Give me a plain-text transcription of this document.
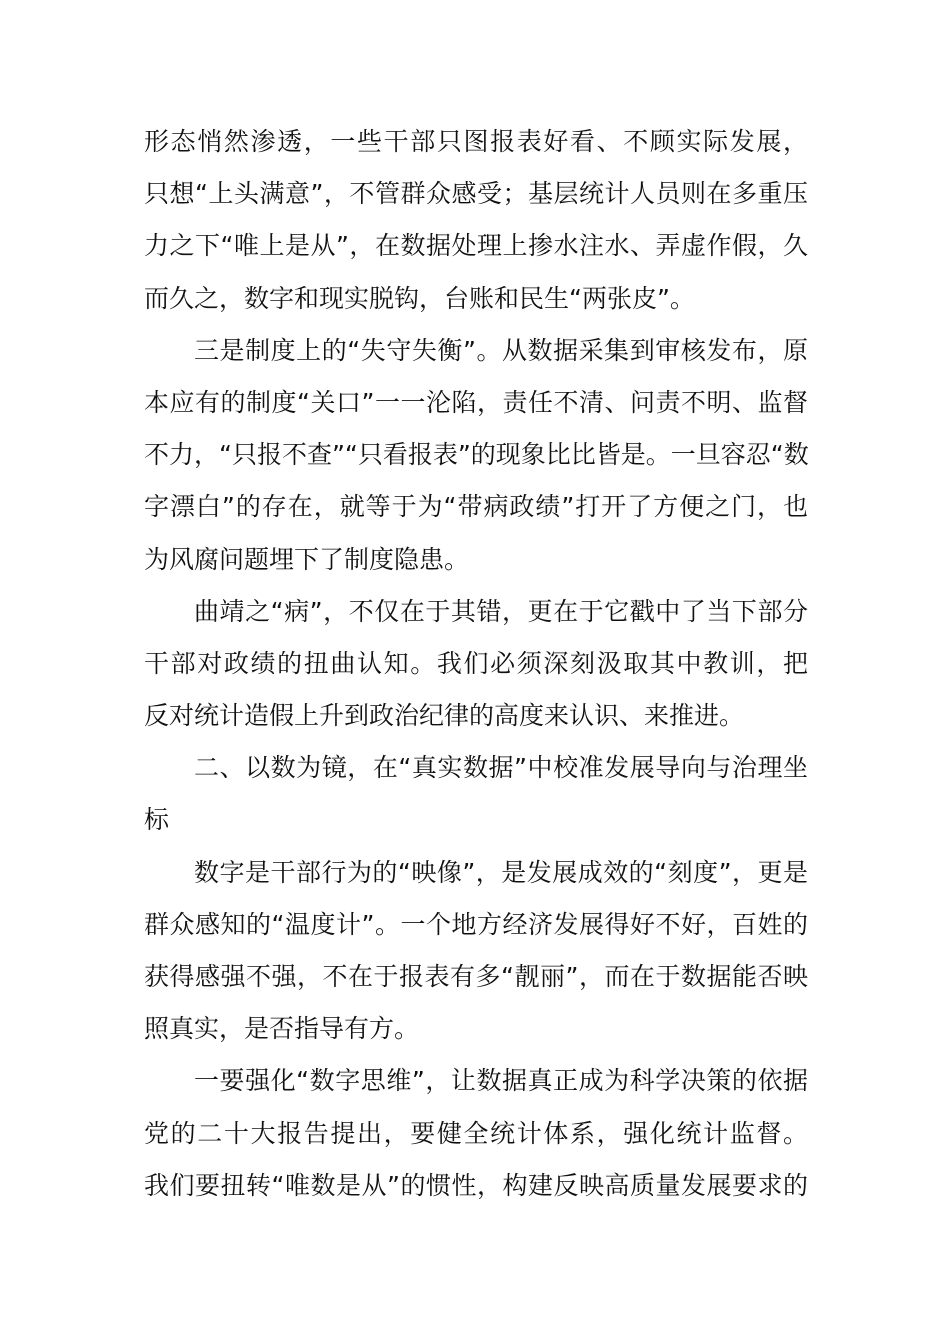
形态悄然渗透，一些干部只图报表好看、不顾实际发展，
只想“上头满意”，不管群众感受；基层统计人员则在多重压
力之下“唯上是从”，在数据处理上掺水注水、弄虚作假，久
而久之，数字和现实脱钩，台账和民生“两张皮”。
三是制度上的“失守失衡”。从数据采集到审核发布，原
本应有的制度“关口”一一沦陷，责任不清、问责不明、监督
不力，“只报不查”“只看报表”的现象比比皆是。一旦容忍“数
字漂白”的存在，就等于为“带病政绩”打开了方便之门，也
为风腐问题埋下了制度隐患。
曲靖之“病”，不仅在于其错，更在于它戳中了当下部分
干部对政绩的扭曲认知。我们必须深刻汲取其中教训，把
反对统计造假上升到政治纪律的高度来认识、来推进。
二、以数为镜，在“真实数据”中校准发展导向与治理坐
标
数字是干部行为的“映像”，是发展成效的“刻度”，更是
群众感知的“温度计”。一个地方经济发展得好不好，百姓的
获得感强不强，不在于报表有多“靓丽”，而在于数据能否映
照真实，是否指导有方。
一要强化“数字思维”，让数据真正成为科学决策的依据
党的二十大报告提出，要健全统计体系，强化统计监督。
我们要扭转“唯数是从”的惯性，构建反映高质量发展要求的
